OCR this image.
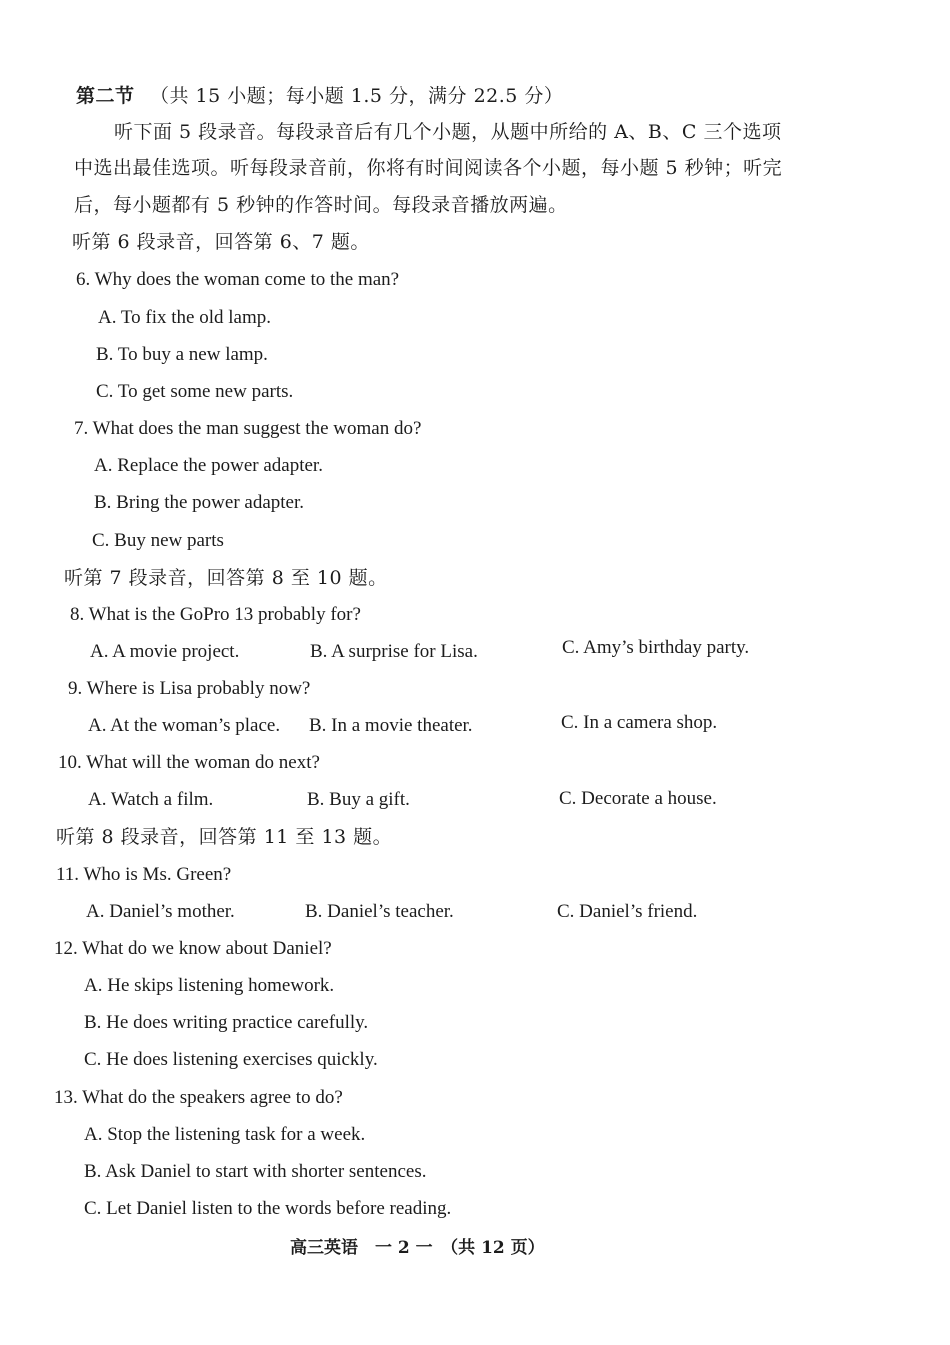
第二节 （共 15 小题；每小题 1.5 分，满分 22.5 分）
听下面 5 段录音。每段录音后有几个小题，从题中所给的 A、B、C 三个选项
中选出最佳选项。听每段录音前，你将有时间阅读各个小题，每小题 5 秒钟；听完
后，每小题都有 5 秒钟的作答时间。每段录音播放两遍。
听第 6 段录音，回答第 6、7 题。
6. Why does the woman come to the man?
A. To fix the old lamp.
B. To buy a new lamp.
C. To get some new parts.
7. What does the man suggest the woman do?
A. Replace the power adapter.
B. Bring the power adapter.
C. Buy new parts
听第 7 段录音，回答第 8 至 10 题。
8. What is the GoPro 13 probably for?
A. A movie project.	B. A surprise for Lisa.	C. Amy’s birthday party.
9. Where is Lisa probably now?
A. At the woman’s place. B. In a movie theater.	C. In a camera shop.
10. What will the woman do next?
A. Watch a film.	B. Buy a gift.	C. Decorate a house.
听第 8 段录音，回答第 11 至 13 题。
11. Who is Ms. Green?
A. Daniel’s mother.	B. Daniel’s teacher.	C. Daniel’s friend.
12. What do we know about Daniel?
A. He skips listening homework.
B. He does writing practice carefully.
C. He does listening exercises quickly.
13. What do the speakers agree to do?
A. Stop the listening task for a week.
B. Ask Daniel to start with shorter sentences.
C. Let Daniel listen to the words before reading.
高三英语　一 2 一　（共 12 页）
